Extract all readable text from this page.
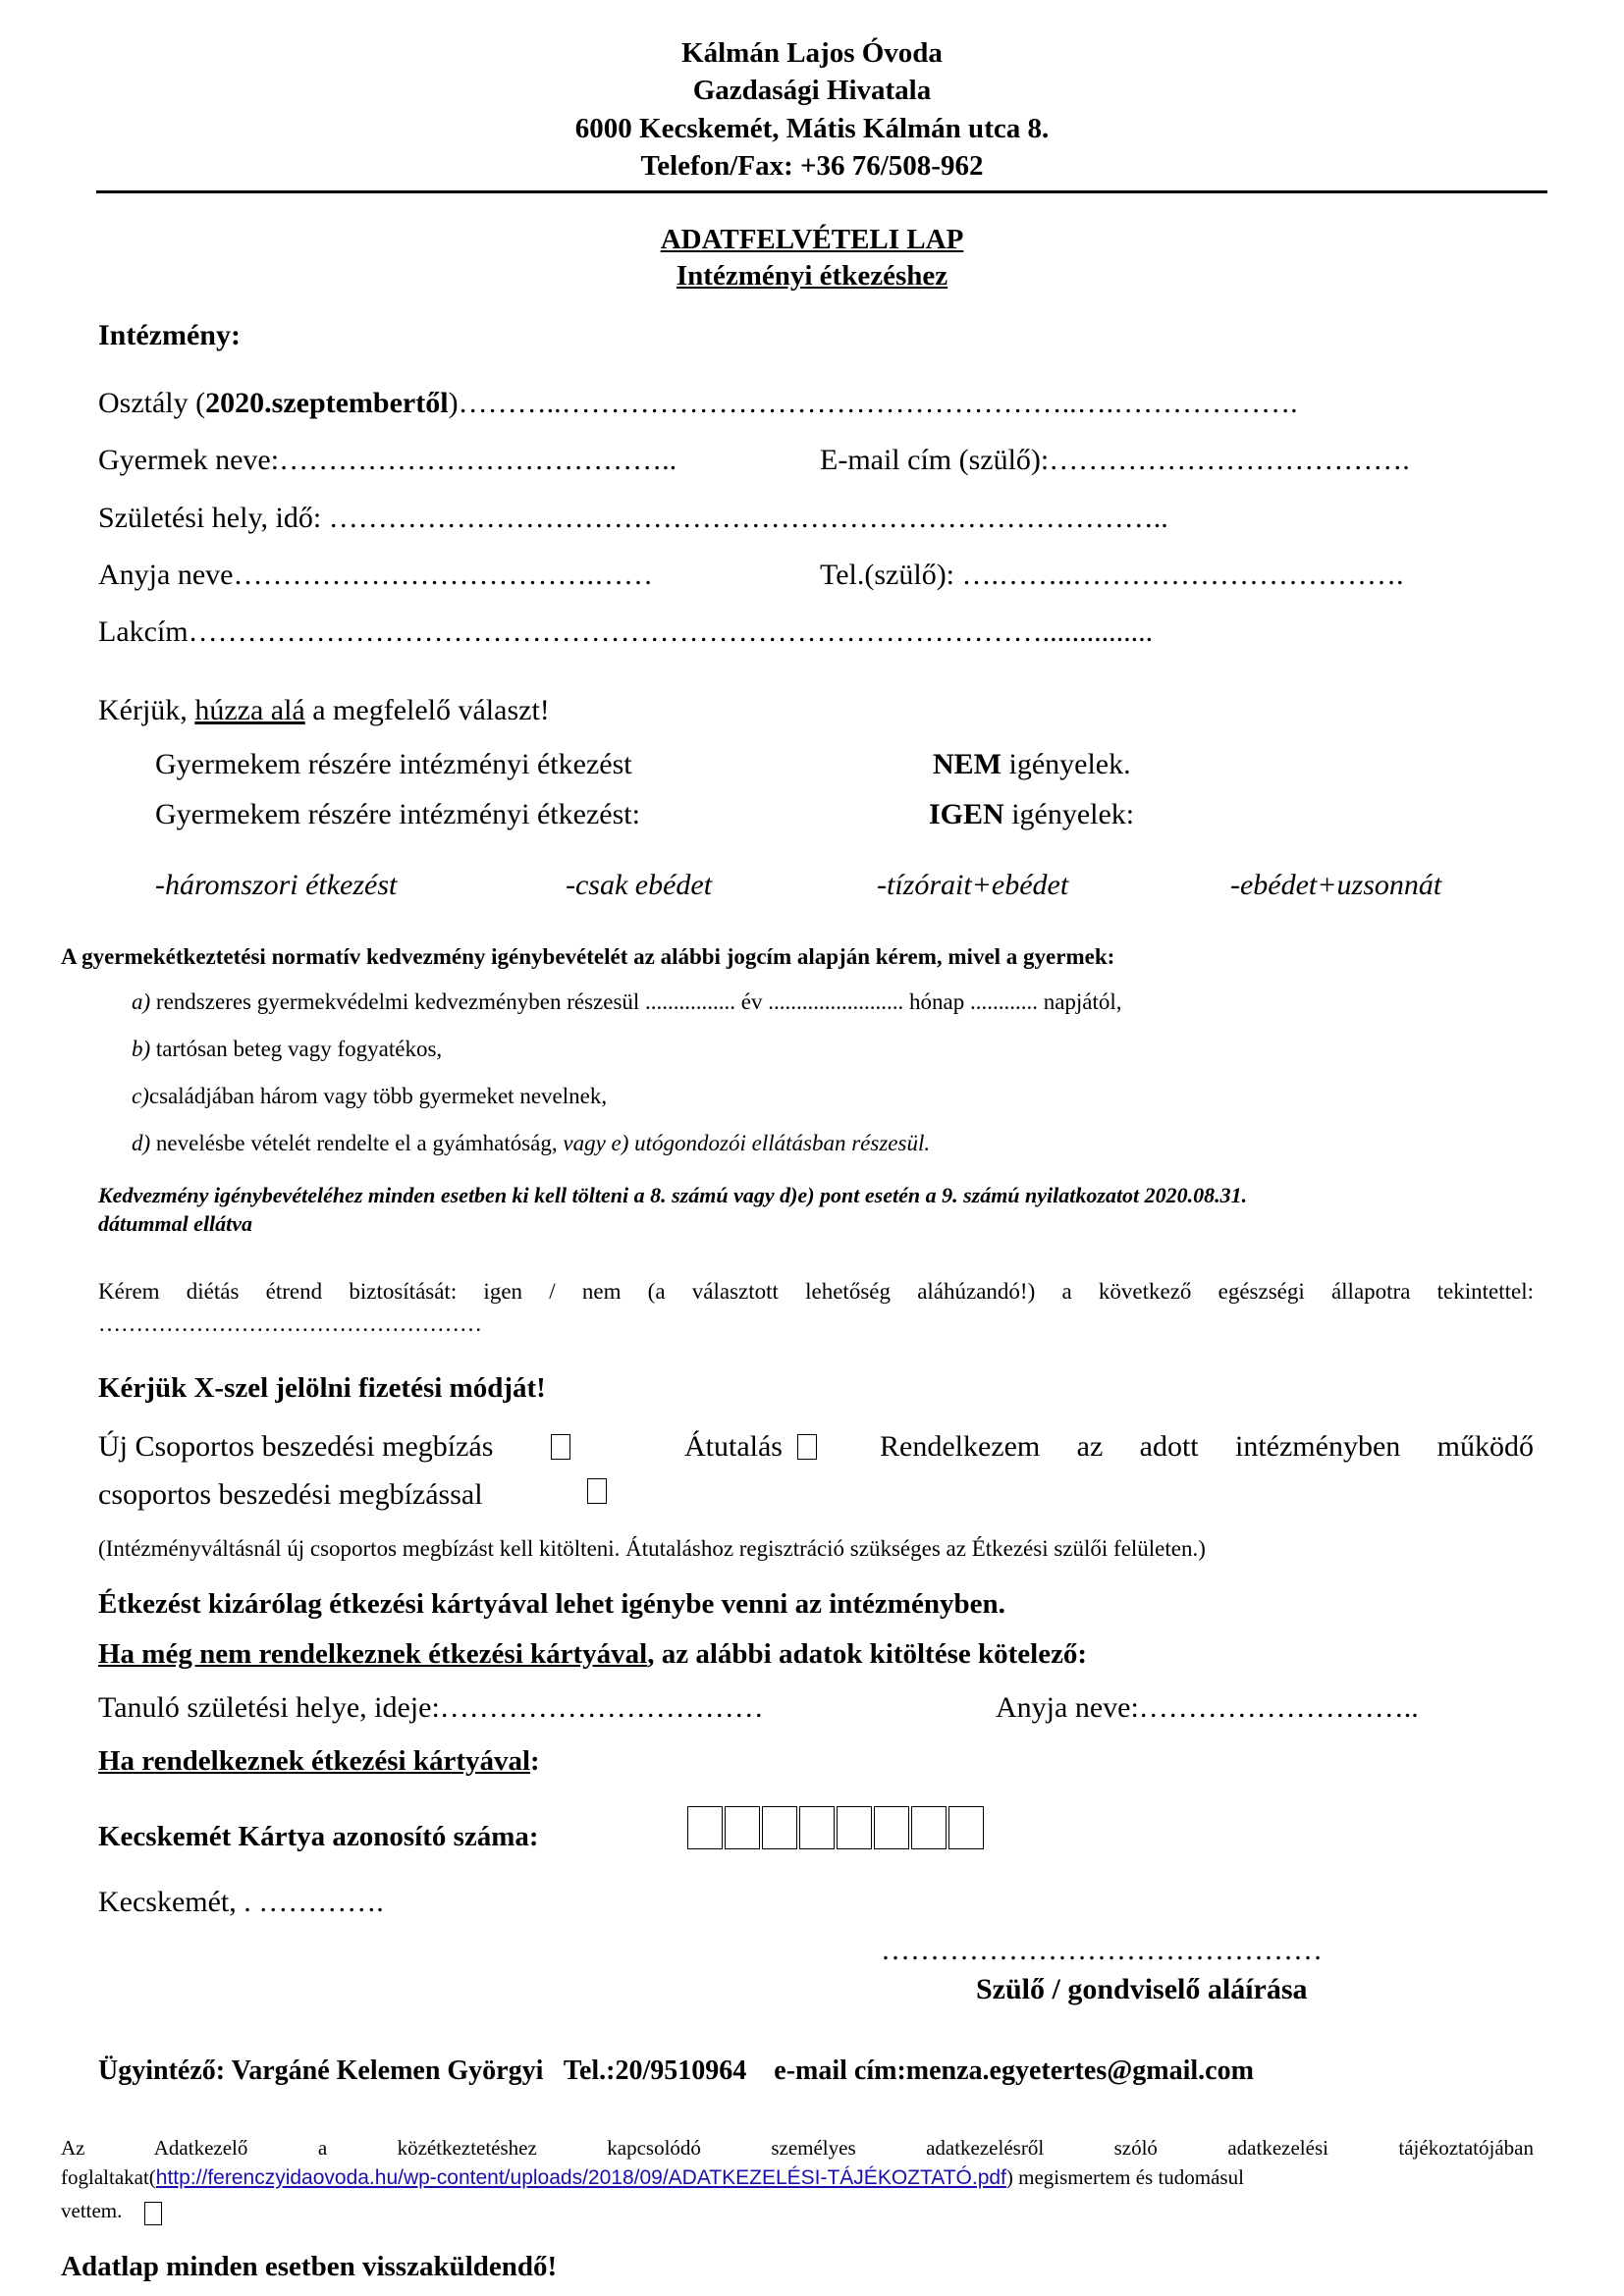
Kálmán Lajos Óvoda
Gazdasági Hivatala
6000 Kecskemét, Mátis Kálmán utca 8.
Telefon/Fax: +36 76/508-962
ADATFELVÉTELI LAP
Intézményi étkezéshez
Intézmény:
Osztály (2020.szeptembertől)………..……………………………………………..….……………….
Gyermek neve:…………………………………..	E-mail cím (szülő):……………………………….
Születési hely, idő: …………………………………………………………………………..
Anyja neve……………………………….……	Tel.(szülő): ….……..…………………………….
Lakcím……………………………………………………………………………...............
Kérjük, húzza alá a megfelelő választ!
Gyermekem részére intézményi étkezést	NEM igényelek.
Gyermekem részére intézményi étkezést:	IGEN igényelek:
-háromszori étkezést	-csak ebédet	-tízórait+ebédet	-ebédet+uzsonnát
A gyermekétkeztetési normatív kedvezmény igénybevételét az alábbi jogcím alapján kérem, mivel a gyermek:
a) rendszeres gyermekvédelmi kedvezményben részesül ................ év ........................ hónap ............ napjától,
b) tartósan beteg vagy fogyatékos,
c)családjában három vagy több gyermeket nevelnek,
d) nevelésbe vételét rendelte el a gyámhatóság, vagy e) utógondozói ellátásban részesül.
Kedvezmény igénybevételéhez minden esetben ki kell tölteni a 8. számú vagy d)e) pont esetén a 9. számú nyilatkozatot 2020.08.31.
dátummal ellátva
Kérem diétás étrend biztosítását: igen / nem (a választott lehetőség aláhúzandó!) a következő egészségi állapotra tekintettel:
……………………………………………
Kérjük X-szel jelölni fizetési módját!
Új Csoportos beszedési megbízás	Átutalás	Rendelkezem az adott intézményben működő
csoportos beszedési megbízással
(Intézményváltásnál új csoportos megbízást kell kitölteni. Átutaláshoz regisztráció szükséges az Étkezési szülői felületen.)
Étkezést kizárólag étkezési kártyával lehet igénybe venni az intézményben.
Ha még nem rendelkeznek étkezési kártyával, az alábbi adatok kitöltése kötelező:
Tanuló születési helye, ideje:……………………………	Anyja neve:………………………..
Ha rendelkeznek étkezési kártyával:
Kecskemét Kártya azonosító száma:
Kecskemét, . ………….
………………………………………
Szülő / gondviselő aláírása
Ügyintéző: Vargáné Kelemen Györgyi   Tel.:20/9510964    e-mail cím:menza.egyetertes@gmail.com
Az Adatkezelő a közétkeztetéshez kapcsolódó személyes adatkezelésről szóló adatkezelési tájékoztatójában
foglaltakat(http://ferenczyidaovoda.hu/wp-content/uploads/2018/09/ADATKEZELÉSI-TÁJÉKOZTATÓ.pdf) megismertem és tudomásul
vettem.
Adatlap minden esetben visszaküldendő!
